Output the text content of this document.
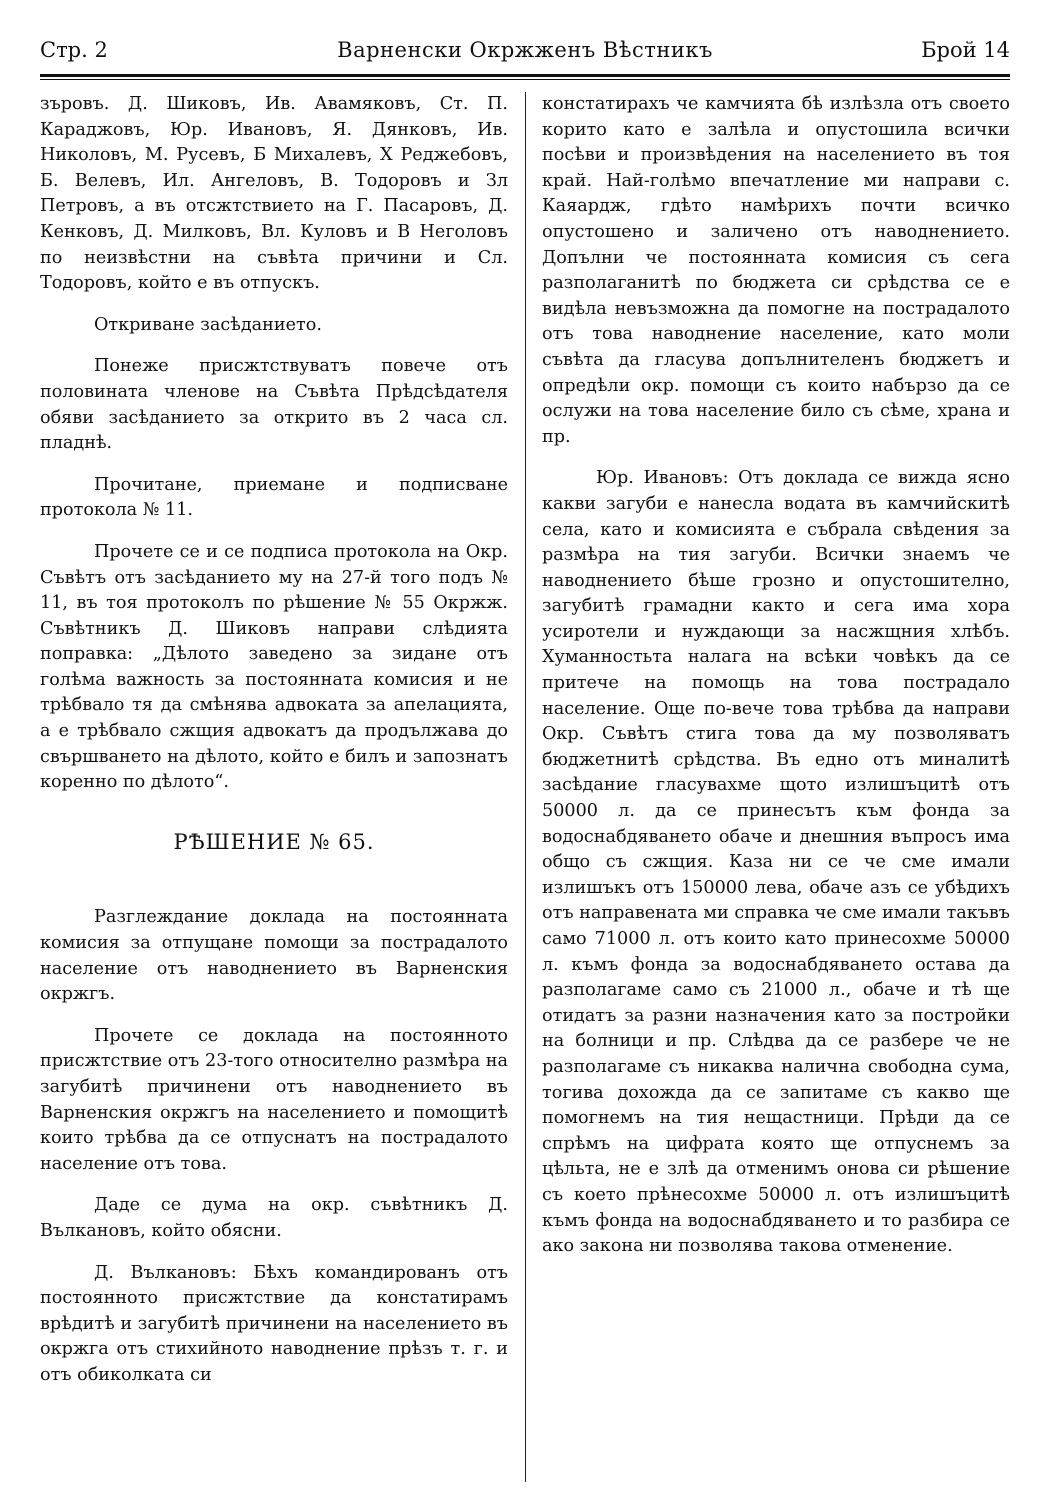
Стр. 2	Варненски Окржженъ Вѣстникъ	Брой 14

зъровъ. Д. Шиковъ, Ив. Авамяковъ, Ст. П. Караджовъ, Юр. Ивановъ, Я. Дянковъ, Ив. Николовъ, М. Русевъ, Б Михалевъ, Х Реджебовъ, Б. Велевъ, Ил. Ангеловъ, В. Тодоровъ и Зл Петровъ, а въ отсжтствието на Г. Пасаровъ, Д. Кенковъ, Д. Милковъ, Вл. Куловъ и В Неголовъ по неизвѣстни на съвѣта причини и Сл. Тодоровъ, който е въ отпускъ.

Откриване засѣданието.

Понеже присжтствуватъ повече отъ половината членове на Съвѣта Прѣдсѣдателя обяви засѣданието за открито въ 2 часа сл. пладнѣ.

Прочитане, приемане и подписване протокола № 11.

Прочете се и се подписа протокола на Окр. Съвѣтъ отъ засѣданието му на 27-й того подъ № 11, въ тоя протоколъ по рѣшение № 55 Окржж. Съвѣтникъ Д. Шиковъ направи слѣдията поправка: „Дѣлото заведено за зидане отъ голѣма важность за постоянната комисия и не трѣбвало тя да смѣнява адвоката за апелацията, а е трѣбвало сжщия адвокатъ да продължава до свършването на дѣлото, който е билъ и запознатъ коренно по дѣлото“.

РѢШЕНИЕ № 65.

Разглеждание доклада на постоянната комисия за отпущане помощи за пострадалото население отъ наводнението въ Варненския окржгъ.

Прочете се доклада на постоянното присжтствие отъ 23-того относително размѣра на загубитѣ причинени отъ наводнението въ Варненския окржгъ на населението и помощитѣ които трѣбва да се отпуснатъ на пострадалото население отъ това.

Даде се дума на окр. съвѣтникъ Д. Вълкановъ, който обясни.

Д. Вълкановъ: Бѣхъ командированъ отъ постоянното присжтствие да констатирамъ врѣдитѣ и загубитѣ причинени на населението въ окржга отъ стихийното наводнение прѣзъ т. г. и отъ обиколката си

констатирахъ че камчията бѣ излѣзла отъ своето корито като е залѣла и опустошила всички посѣви и произвѣдения на населението въ тоя край. Най-голѣмо впечатление ми направи с. Каяардж, гдѣто намѣрихъ почти всичко опустошено и заличено отъ наводнението. Допълни че постоянната комисия съ сега разполаганитѣ по бюджета си срѣдства се е видѣла невъзможна да помогне на пострадалото отъ това наводнение население, като моли съвѣта да гласува допълнителенъ бюджетъ и опредѣли окр. помощи съ които набързо да се ослужи на това население било съ сѣме, храна и пр.

Юр. Ивановъ: Отъ доклада се вижда ясно какви загуби е нанесла водата въ камчийскитѣ села, като и комисията е събрала свѣдения за размѣра на тия загуби. Всички знаемъ че наводнението бѣше грозно и опустошително, загубитѣ грамадни както и сега има хора усиротели и нуждающи за насжщния хлѣбъ. Хуманностьта налага на всѣки човѣкъ да се притече на помощь на това пострадало население. Още по-вече това трѣбва да направи Окр. Съвѣтъ стига това да му позволяватъ бюджетнитѣ срѣдства. Въ едно отъ миналитѣ засѣдание гласувахме щото излишъцитѣ отъ 50000 л. да се принесътъ към фонда за водоснабдяването обаче и днешния въпросъ има общо съ сжщия. Каза ни се че сме имали излишъкъ отъ 150000 лева, обаче азъ се убѣдихъ отъ направената ми справка че сме имали такъвъ само 71000 л. отъ които като принесохме 50000 л. къмъ фонда за водоснабдяването остава да разполагаме само съ 21000 л., обаче и тѣ ще отидатъ за разни назначения като за постройки на болници и пр. Слѣдва да се разбере че не разполагаме съ никаква налична свободна сума, тогива дохожда да се запитаме съ какво ще помогнемъ на тия нещастници. Прѣди да се спрѣмъ на цифрата която ще отпуснемъ за цѣльта, не е злѣ да отменимъ онова си рѣшение съ което прѣнесохме 50000 л. отъ излишъцитѣ къмъ фонда на водоснабдяването и то разбира се ако закона ни позволява такова отменение.
